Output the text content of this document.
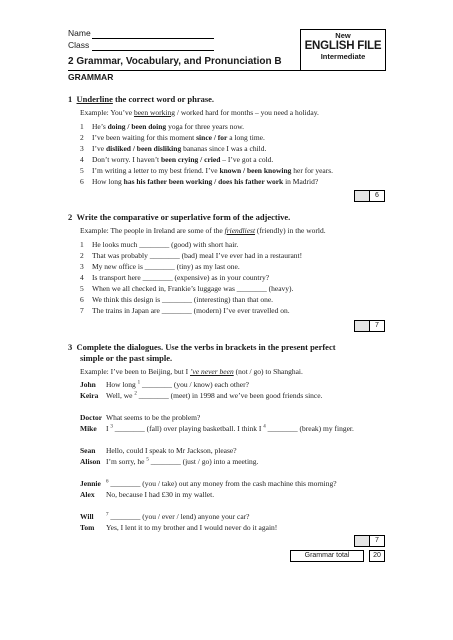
Name
Class
New
ENGLISH FILE
Intermediate
2 Grammar, Vocabulary, and Pronunciation B
GRAMMAR
1 Underline the correct word or phrase.
Example: You’ve been working / worked hard for months – you need a holiday.
1 He’s doing / been doing yoga for three years now.
2 I’ve been waiting for this moment since / for a long time.
3 I’ve disliked / been disliking bananas since I was a child.
4 Don’t worry. I haven’t been crying / cried – I’ve got a cold.
5 I’m writing a letter to my best friend. I’ve known / been knowing her for years.
6 How long has his father been working / does his father work in Madrid?
6
2 Write the comparative or superlative form of the adjective.
Example: The people in Ireland are some of the friendliest (friendly) in the world.
1 He looks much ________ (good) with short hair.
2 That was probably ________ (bad) meal I’ve ever had in a restaurant!
3 My new office is ________ (tiny) as my last one.
4 Is transport here ________ (expensive) as in your country?
5 When we all checked in, Frankie’s luggage was ________ (heavy).
6 We think this design is ________ (interesting) than that one.
7 The trains in Japan are ________ (modern) I’ve ever travelled on.
7
3 Complete the dialogues. Use the verbs in brackets in the present perfect
simple or the past simple.
Example: I’ve been to Beijing, but I ’ve never been (not / go) to Shanghai.
John How long $^1$ ________ (you / know) each other?
Keira Well, we $^2$ ________ (meet) in 1998 and we’ve been good friends since.
Doctor What seems to be the problem?
Mike I $^3$ ________ (fall) over playing basketball. I think I $^4$ ________ (break) my finger.
Sean Hello, could I speak to Mr Jackson, please?
Alison I’m sorry, he $^5$ ________ (just / go) into a meeting.
Jennie $^6$ ________ (you / take) out any money from the cash machine this morning?
Alex No, because I had £30 in my wallet.
Will $^7$ ________ (you / ever / lend) anyone your car?
Tom Yes, I lent it to my brother and I would never do it again!
7
Grammar total	20
